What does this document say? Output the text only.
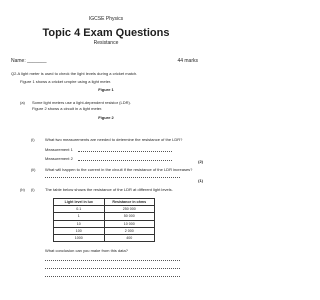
IGCSE Physics
Topic 4 Exam Questions
Resistance
Name: _______	44 marks
Q2.A light meter is used to check the light levels during a cricket match.
Figure 1 shows a cricket umpire using a light meter.
Figure 1
(a) Some light meters use a light-dependent resistor (LDR).
Figure 2 shows a circuit in a light meter.
Figure 2
(i)	What two measurements are needed to determine the resistance of the LDR?
Measurement 1
Measurement 2
(2)
(ii) What will happen to the current in the circuit if the resistance of the LDR increases?
(1)
(b) (i)	The table below shows the resistance of the LDR at different light levels.
Light level in lux	Resistance in ohms
0.1	250 000
1	50 000
10	10 000
100	2 000
1000	400
What conclusion can you make from this data?
